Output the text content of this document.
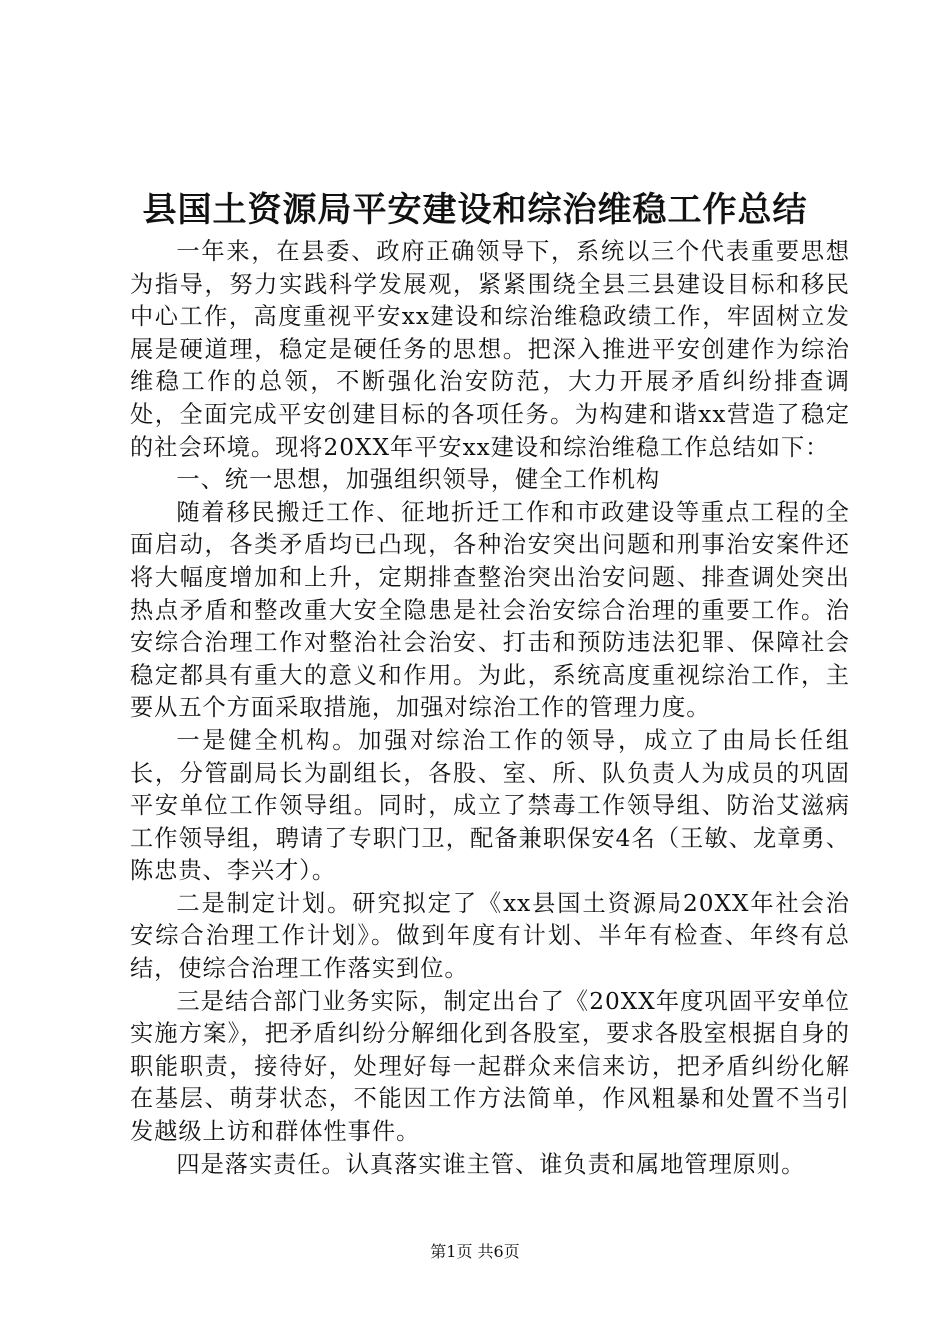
县国土资源局平安建设和综治维稳工作总结

一年来，在县委、政府正确领导下，系统以三个代表重要思想为指导，努力实践科学发展观，紧紧围绕全县三县建设目标和移民中心工作，高度重视平安xx建设和综治维稳政绩工作，牢固树立发展是硬道理，稳定是硬任务的思想。把深入推进平安创建作为综治维稳工作的总领，不断强化治安防范，大力开展矛盾纠纷排查调处，全面完成平安创建目标的各项任务。为构建和谐xx营造了稳定的社会环境。现将20XX年平安xx建设和综治维稳工作总结如下：

一、统一思想，加强组织领导，健全工作机构

随着移民搬迁工作、征地折迁工作和市政建设等重点工程的全面启动，各类矛盾均已凸现，各种治安突出问题和刑事治安案件还将大幅度增加和上升，定期排查整治突出治安问题、排查调处突出热点矛盾和整改重大安全隐患是社会治安综合治理的重要工作。治安综合治理工作对整治社会治安、打击和预防违法犯罪、保障社会稳定都具有重大的意义和作用。为此，系统高度重视综治工作，主要从五个方面采取措施，加强对综治工作的管理力度。

一是健全机构。加强对综治工作的领导，成立了由局长任组长，分管副局长为副组长，各股、室、所、队负责人为成员的巩固平安单位工作领导组。同时，成立了禁毒工作领导组、防治艾滋病工作领导组，聘请了专职门卫，配备兼职保安4名（王敏、龙章勇、陈忠贵、李兴才）。

二是制定计划。研究拟定了《xx县国土资源局20XX年社会治安综合治理工作计划》。做到年度有计划、半年有检查、年终有总结，使综合治理工作落实到位。

三是结合部门业务实际，制定出台了《20XX年度巩固平安单位实施方案》，把矛盾纠纷分解细化到各股室，要求各股室根据自身的职能职责，接待好，处理好每一起群众来信来访，把矛盾纠纷化解在基层、萌芽状态，不能因工作方法简单，作风粗暴和处置不当引发越级上访和群体性事件。

四是落实责任。认真落实谁主管、谁负责和属地管理原则。

第1页 共6页
